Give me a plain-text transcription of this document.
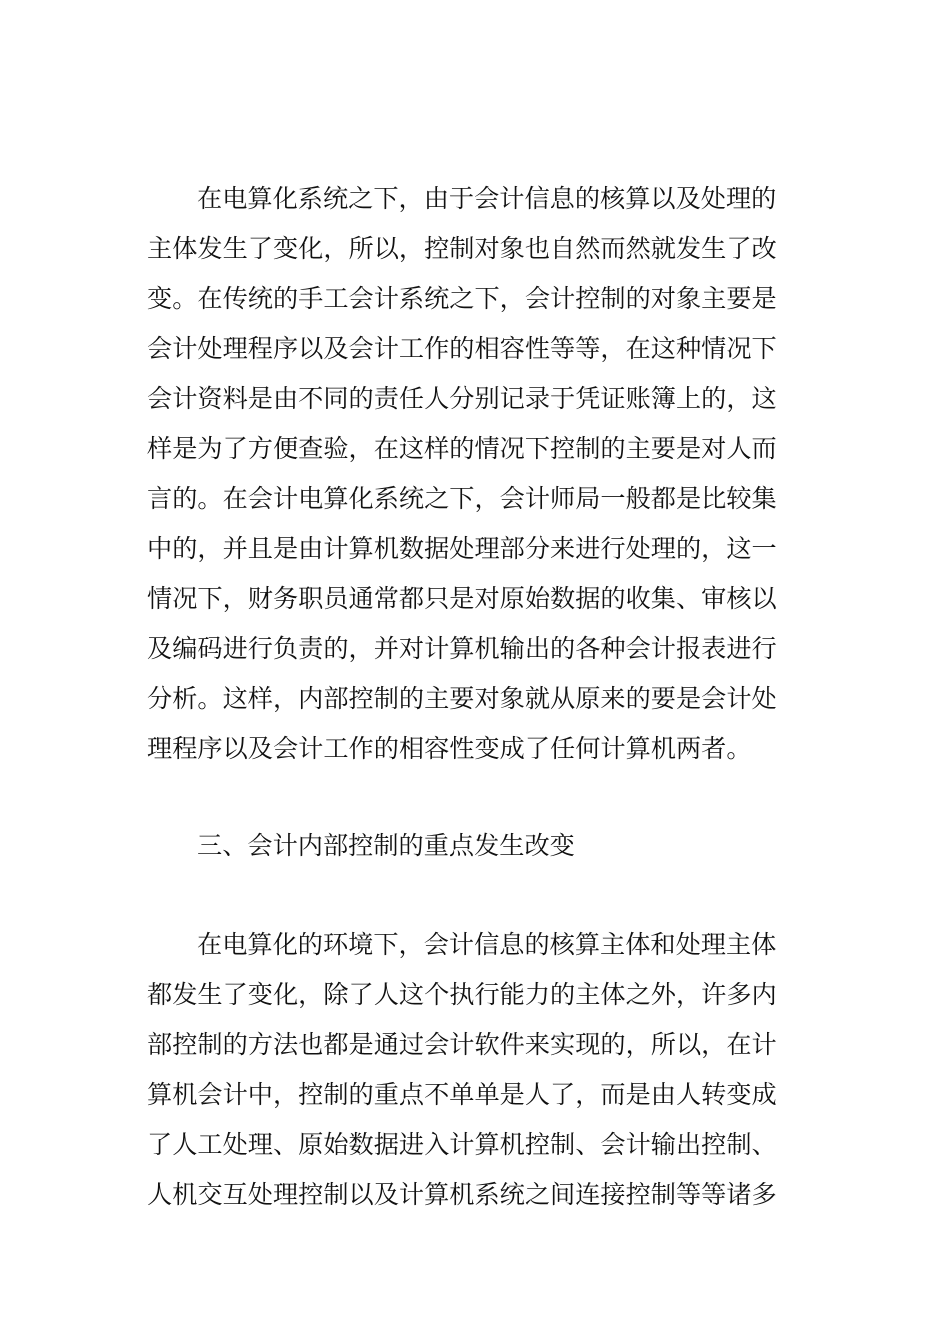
在电算化系统之下，由于会计信息的核算以及处理的
主体发生了变化，所以，控制对象也自然而然就发生了改
变。在传统的手工会计系统之下，会计控制的对象主要是
会计处理程序以及会计工作的相容性等等，在这种情况下
会计资料是由不同的责任人分别记录于凭证账簿上的，这
样是为了方便查验，在这样的情况下控制的主要是对人而
言的。在会计电算化系统之下，会计师局一般都是比较集
中的，并且是由计算机数据处理部分来进行处理的，这一
情况下，财务职员通常都只是对原始数据的收集、审核以
及编码进行负责的，并对计算机输出的各种会计报表进行
分析。这样，内部控制的主要对象就从原来的要是会计处
理程序以及会计工作的相容性变成了任何计算机两者。
三、会计内部控制的重点发生改变
在电算化的环境下，会计信息的核算主体和处理主体
都发生了变化，除了人这个执行能力的主体之外，许多内
部控制的方法也都是通过会计软件来实现的，所以，在计
算机会计中，控制的重点不单单是人了，而是由人转变成
了人工处理、原始数据进入计算机控制、会计输出控制、
人机交互处理控制以及计算机系统之间连接控制等等诸多
